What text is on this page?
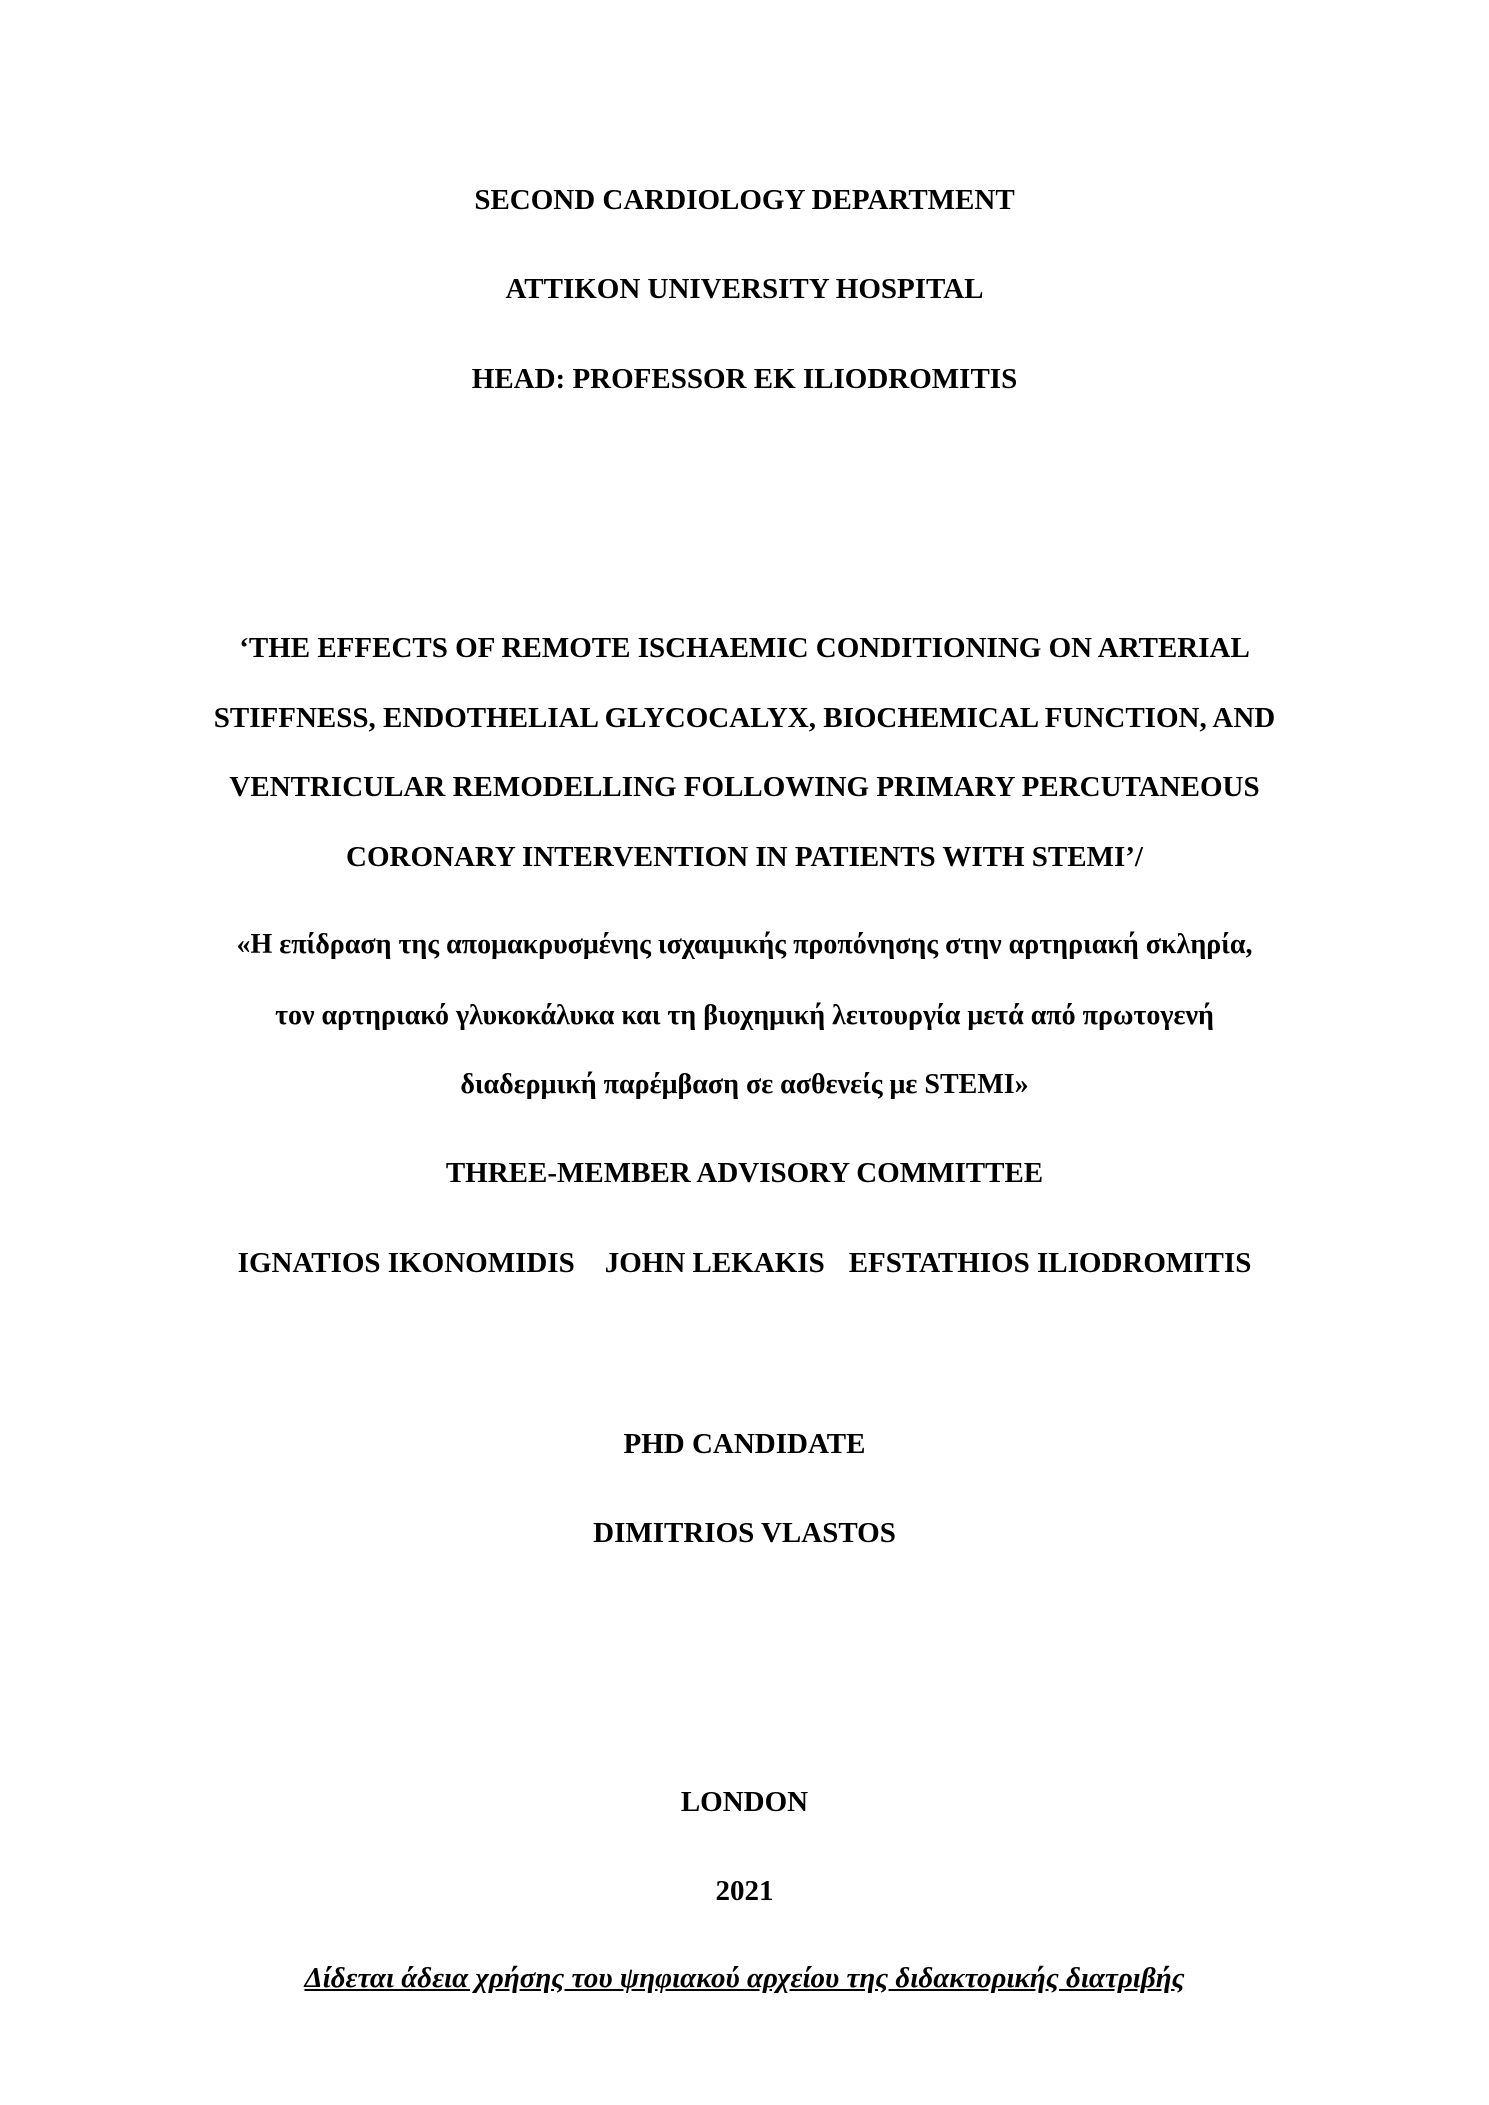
SECOND CARDIOLOGY DEPARTMENT
ATTIKON UNIVERSITY HOSPITAL
HEAD: PROFESSOR EK ILIODROMITIS
‘THE EFFECTS OF REMOTE ISCHAEMIC CONDITIONING ON ARTERIAL
STIFFNESS, ENDOTHELIAL GLYCOCALYX, BIOCHEMICAL FUNCTION, AND
VENTRICULAR REMODELLING FOLLOWING PRIMARY PERCUTANEOUS
CORONARY INTERVENTION IN PATIENTS WITH STEMI’/
«Η επίδραση της απομακρυσμένης ισχαιμικής προπόνησης στην αρτηριακή σκληρία,
τον αρτηριακό γλυκοκάλυκα και τη βιοχημική λειτουργία μετά από πρωτογενή
διαδερμική παρέμβαση σε ασθενείς με STEMI»
THREE-MEMBER ADVISORY COMMITTEE
IGNATIOS IKONOMIDIS JOHN LEKAKIS EFSTATHIOS ILIODROMITIS
PHD CANDIDATE
DIMITRIOS VLASTOS
LONDON
2021
Δίδεται άδεια χρήσης του ψηφιακού αρχείου της διδακτορικής διατριβής
